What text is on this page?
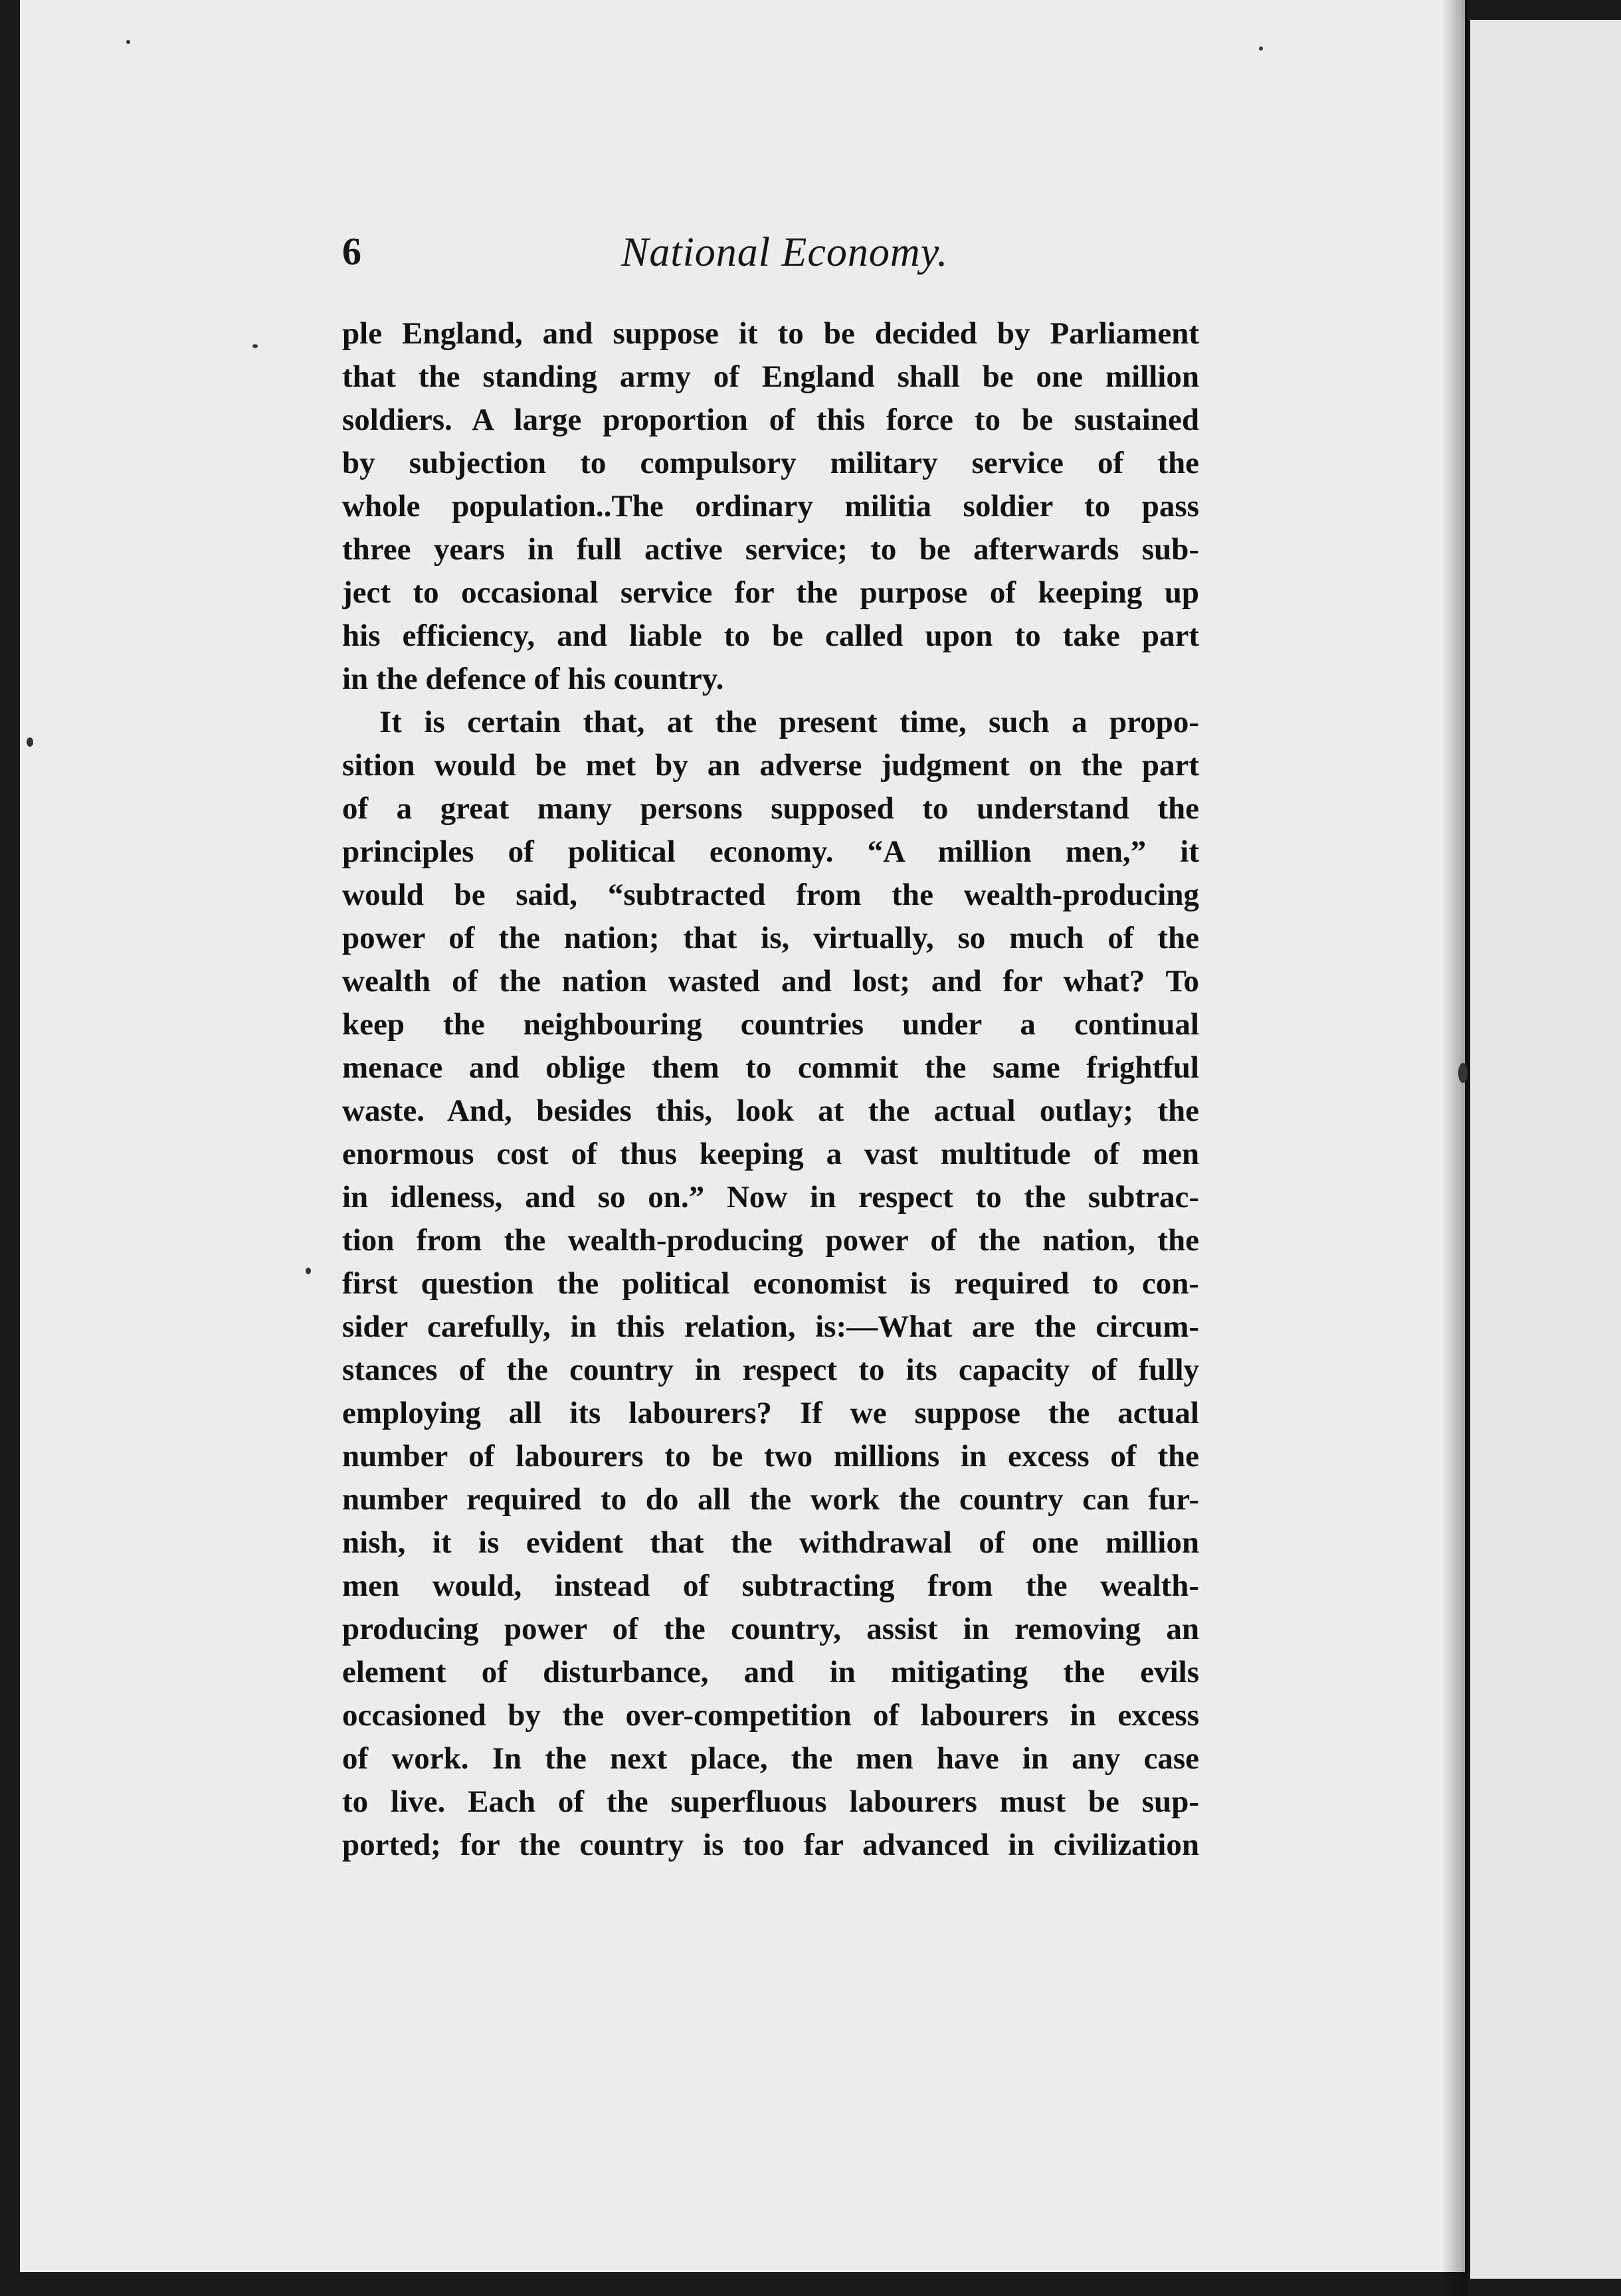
6	National Economy.

ple England, and suppose it to be decided by Parliament
that the standing army of England shall be one million
soldiers. A large proportion of this force to be sustained
by subjection to compulsory military service of the
whole population..The ordinary militia soldier to pass
three years in full active service; to be afterwards sub-
ject to occasional service for the purpose of keeping up
his efficiency, and liable to be called upon to take part
in the defence of his country.

It is certain that, at the present time, such a propo-
sition would be met by an adverse judgment on the part
of a great many persons supposed to understand the
principles of political economy. “A million men,” it
would be said, “subtracted from the wealth-producing
power of the nation; that is, virtually, so much of the
wealth of the nation wasted and lost; and for what? To
keep the neighbouring countries under a continual
menace and oblige them to commit the same frightful
waste. And, besides this, look at the actual outlay; the
enormous cost of thus keeping a vast multitude of men
in idleness, and so on.” Now in respect to the subtrac-
tion from the wealth-producing power of the nation, the
first question the political economist is required to con-
sider carefully, in this relation, is:—What are the circum-
stances of the country in respect to its capacity of fully
employing all its labourers? If we suppose the actual
number of labourers to be two millions in excess of the
number required to do all the work the country can fur-
nish, it is evident that the withdrawal of one million
men would, instead of subtracting from the wealth-
producing power of the country, assist in removing an
element of disturbance, and in mitigating the evils
occasioned by the over-competition of labourers in excess
of work. In the next place, the men have in any case
to live. Each of the superfluous labourers must be sup-
ported; for the country is too far advanced in civilization
